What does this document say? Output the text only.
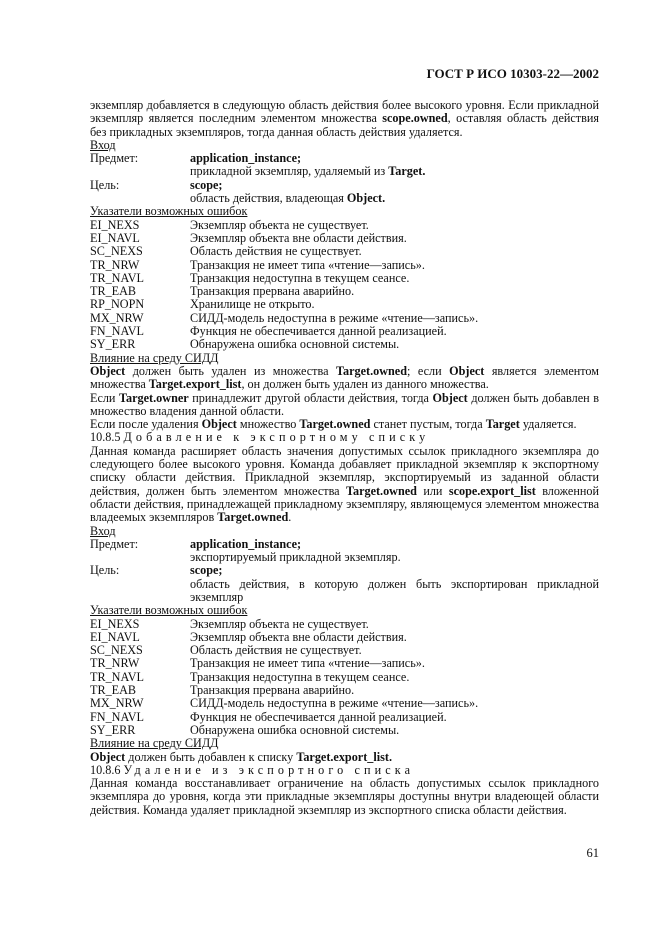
ГОСТ Р ИСО 10303-22—2002
экземпляр добавляется в следующую область действия более высокого уровня. Если прикладной экземпляр является последним элементом множества scope.owned, оставляя область действия без прикладных экземпляров, тогда данная область действия удаляется.
Вход
Предмет:	application_instance;
прикладной экземпляр, удаляемый из Target.
Цель:	scope;
область действия, владеющая Object.
Указатели возможных ошибок
EI_NEXS	Экземпляр объекта не существует.
EI_NAVL	Экземпляр объекта вне области действия.
SC_NEXS	Область действия не существует.
TR_NRW	Транзакция не имеет типа «чтение—запись».
TR_NAVL	Транзакция недоступна в текущем сеансе.
TR_EAB	Транзакция прервана аварийно.
RP_NOPN	Хранилище не открыто.
MX_NRW	СИДД-модель недоступна в режиме «чтение—запись».
FN_NAVL	Функция не обеспечивается данной реализацией.
SY_ERR	Обнаружена ошибка основной системы.
Влияние на среду СИДД
Object должен быть удален из множества Target.owned; если Object является элементом множества Target.export_list, он должен быть удален из данного множества.
Если Target.owner принадлежит другой области действия, тогда Object должен быть добавлен в множество владения данной области.
Если после удаления Object множество Target.owned станет пустым, тогда Target удаляется.
10.8.5 Добавление к экспортному списку
Данная команда расширяет область значения допустимых ссылок прикладного экземпляра до следующего более высокого уровня. Команда добавляет прикладной экземпляр к экспортному списку области действия. Прикладной экземпляр, экспортируемый из заданной области действия, должен быть элементом множества Target.owned или scope.export_list вложенной области действия, принадлежащей прикладному экземпляру, являющемуся элементом множества владеемых экземпляров Target.owned.
Вход
Предмет:	application_instance;
экспортируемый прикладной экземпляр.
Цель:	scope;
область действия, в которую должен быть экспортирован прикладной экземпляр
Указатели возможных ошибок
EI_NEXS	Экземпляр объекта не существует.
EI_NAVL	Экземпляр объекта вне области действия.
SC_NEXS	Область действия не существует.
TR_NRW	Транзакция не имеет типа «чтение—запись».
TR_NAVL	Транзакция недоступна в текущем сеансе.
TR_EAB	Транзакция прервана аварийно.
MX_NRW	СИДД-модель недоступна в режиме «чтение—запись».
FN_NAVL	Функция не обеспечивается данной реализацией.
SY_ERR	Обнаружена ошибка основной системы.
Влияние на среду СИДД
Object должен быть добавлен к списку Target.export_list.
10.8.6 Удаление из экспортного списка
Данная команда восстанавливает ограничение на область допустимых ссылок прикладного экземпляра до уровня, когда эти прикладные экземпляры доступны внутри владеющей области действия. Команда удаляет прикладной экземпляр из экспортного списка области действия.
61
